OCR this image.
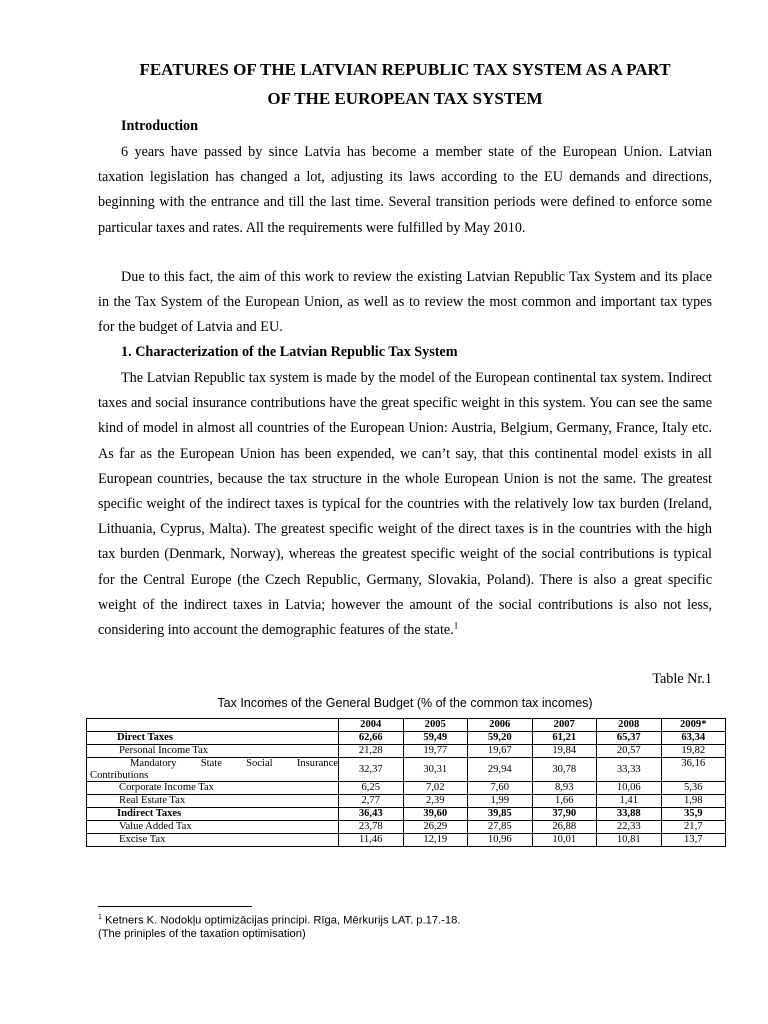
FEATURES OF THE LATVIAN REPUBLIC TAX SYSTEM AS A PART
OF THE EUROPEAN TAX SYSTEM
Introduction

6 years have passed by since Latvia has become a member state of the European Union. Latvian taxation legislation has changed a lot, adjusting its laws according to the EU demands and directions, beginning with the entrance and till the last time. Several transition periods were defined to enforce some particular taxes and rates. All the requirements were fulfilled by May 2010.

Due to this fact, the aim of this work to review the existing Latvian Republic Tax System and its place in the Tax System of the European Union, as well as to review the most common and important tax types for the budget of Latvia and EU.

1. Characterization of the Latvian Republic Tax System

The Latvian Republic tax system is made by the model of the European continental tax system. Indirect taxes and social insurance contributions have the great specific weight in this system. You can see the same kind of model in almost all countries of the European Union: Austria, Belgium, Germany, France, Italy etc. As far as the European Union has been expended, we can’t say, that this continental model exists in all European countries, because the tax structure in the whole European Union is not the same. The greatest specific weight of the indirect taxes is typical for the countries with the relatively low tax burden (Ireland, Lithuania, Cyprus, Malta). The greatest specific weight of the direct taxes is in the countries with the high tax burden (Denmark, Norway), whereas the greatest specific weight of the social contributions is typical for the Central Europe (the Czech Republic, Germany, Slovakia, Poland). There is also a great specific weight of the indirect taxes in Latvia; however the amount of the social contributions is also not less, considering into account the demographic features of the state.$^1$

Table Nr.1
Tax Incomes of the General Budget (% of the common tax incomes)
	2004	2005	2006	2007	2008	2009*
Direct Taxes	62,66	59,49	59,20	61,21	65,37	63,34
Personal Income Tax	21,28	19,77	19,67	19,84	20,57	19,82

Mandatory State Social Insurance
Contributions	32,37	30,31	29,94	30,78	33,33	36,16
Corporate Income Tax	6,25	7,02	7,60	8,93	10,06	5,36
Real Estate Tax	2,77	2,39	1,99	1,66	1,41	1,98
Indirect Taxes	36,43	39,60	39,85	37,90	33,88	35,9
Value Added Tax	23,78	26,29	27,85	26,88	22,33	21,7
Excise Tax	11,46	12,19	10,96	10,01	10,81	13,7
$^1$ Ketners K. Nodokļu optimizācijas principi. Rīga, Mērkurijs LAT. p.17.-18.
(The priniples of the taxation optimisation)
